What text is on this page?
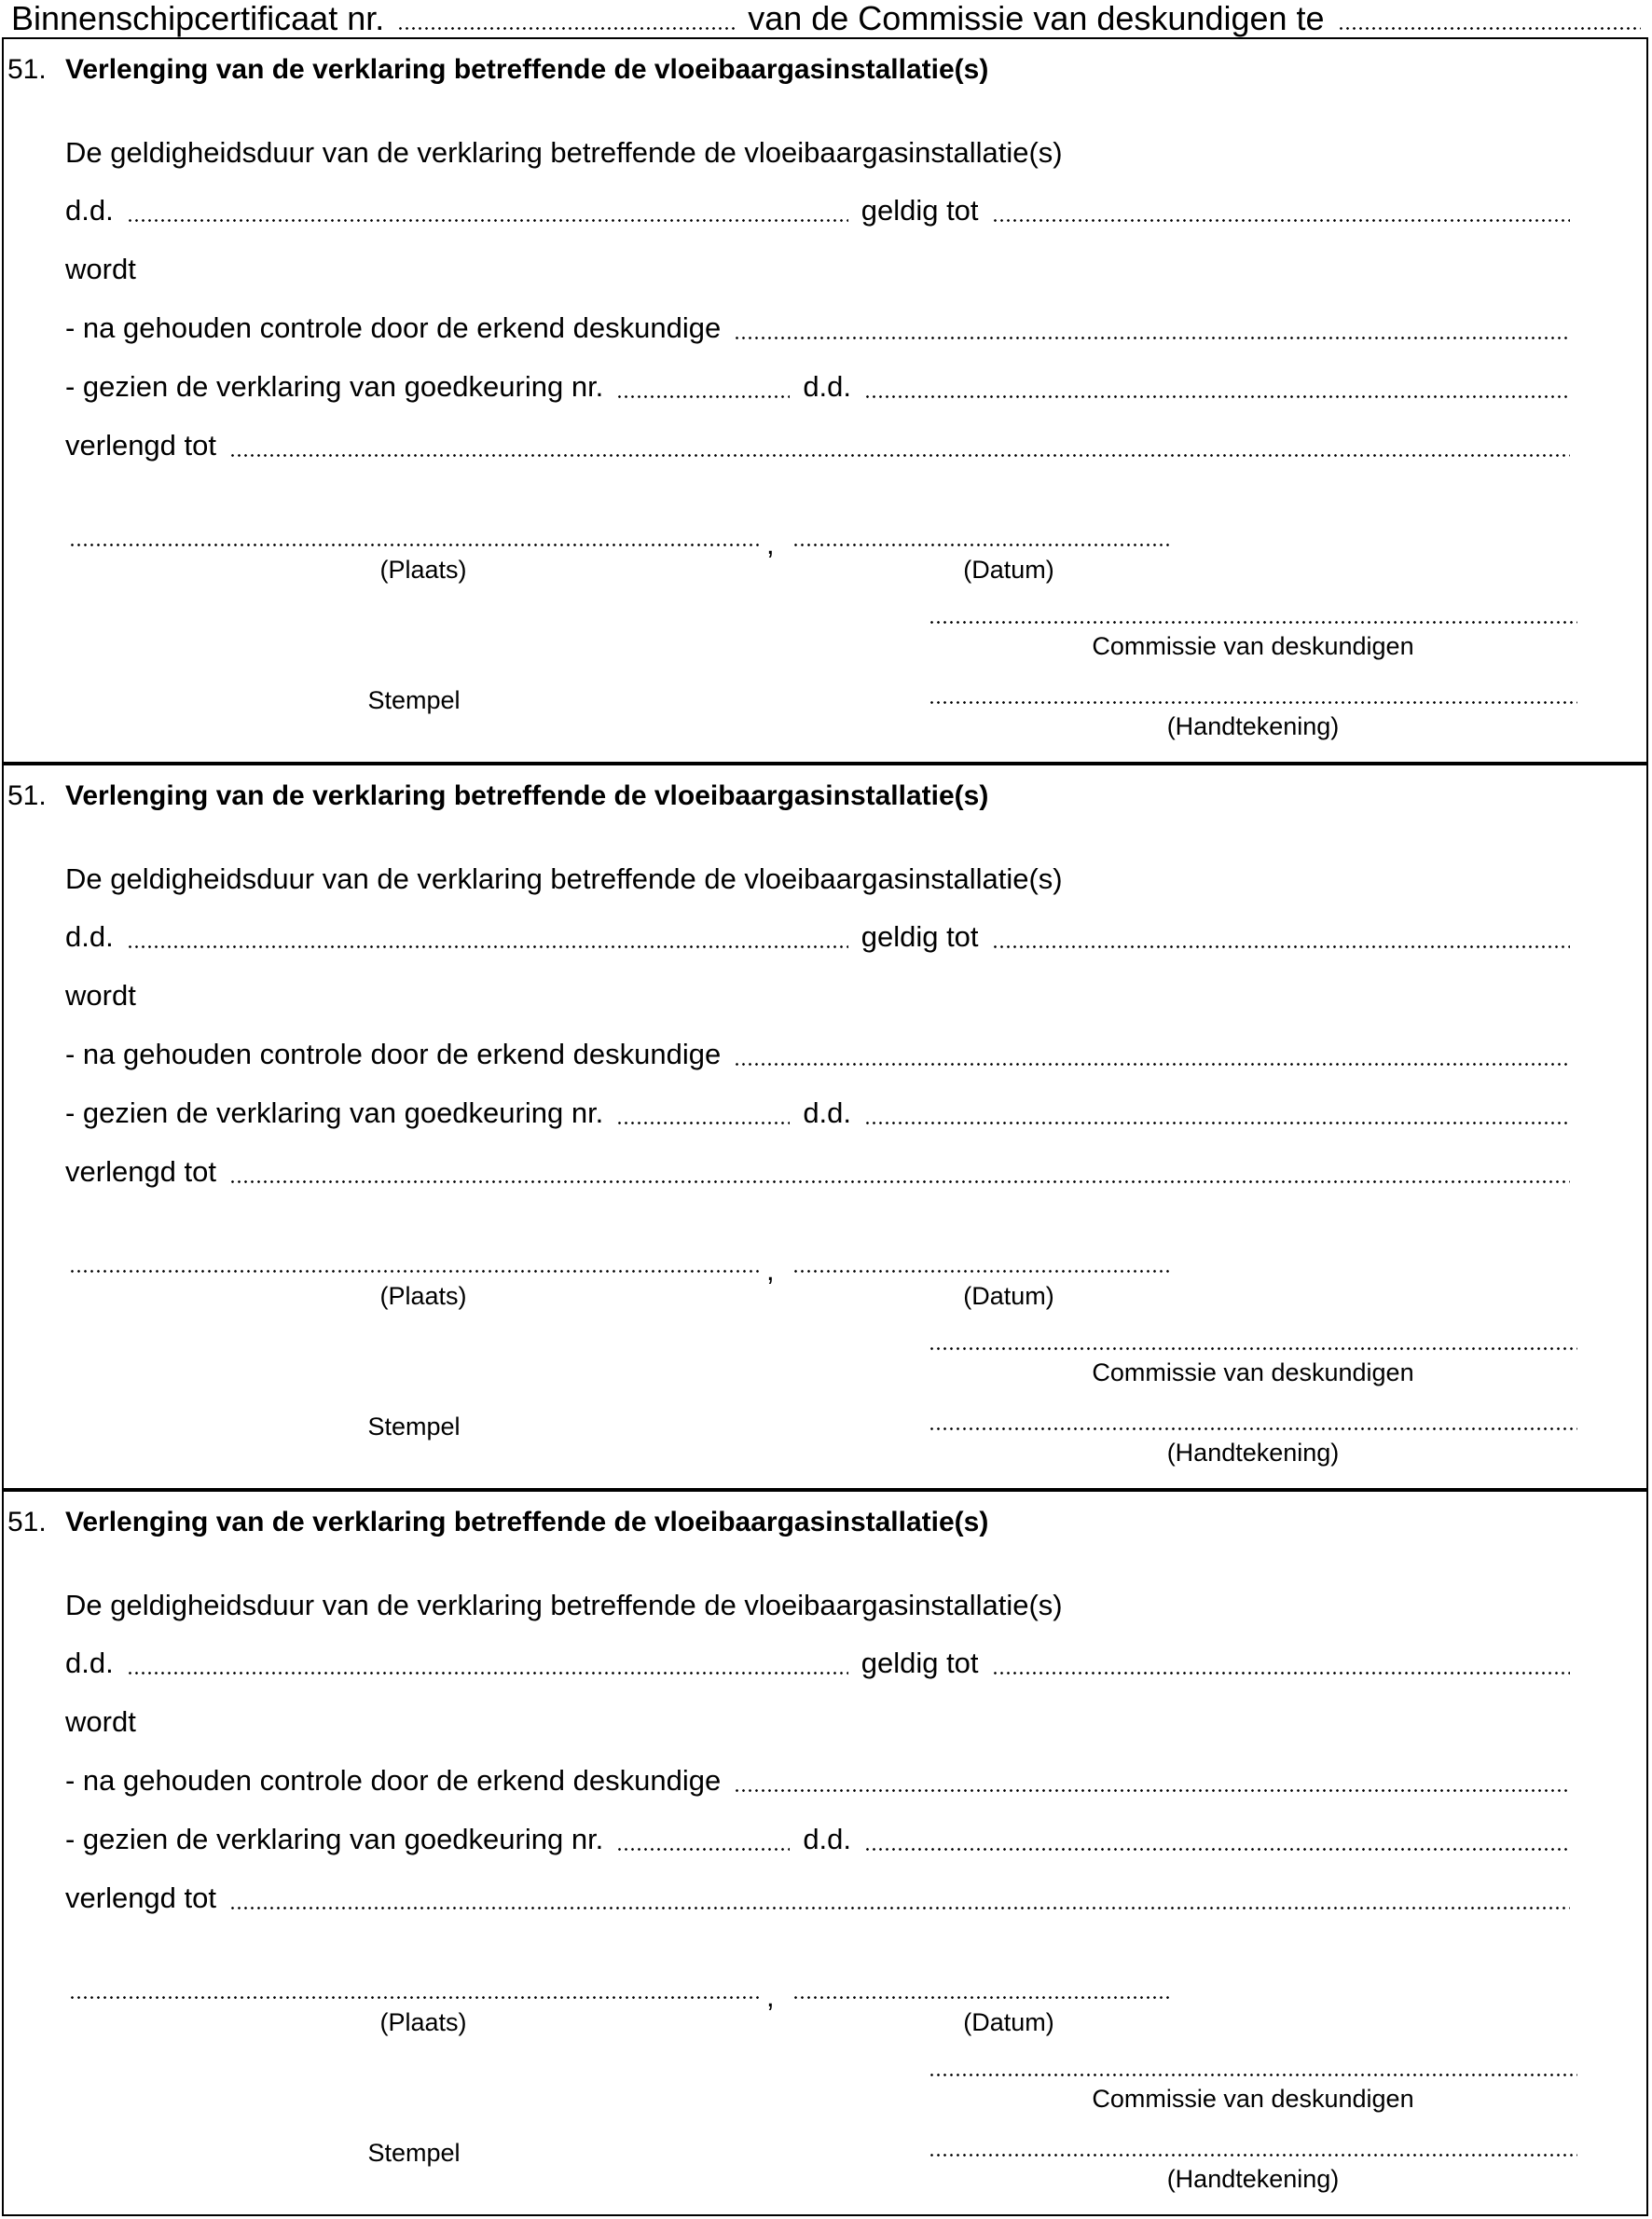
Binnenschipcertificaat nr.	van de Commissie van deskundigen te
51. Verlenging van de verklaring betreffende de vloeibaargasinstallatie(s)
De geldigheidsduur van de verklaring betreffende de vloeibaargasinstallatie(s)
d.d.	geldig tot
wordt
- na gehouden controle door de erkend deskundige
- gezien de verklaring van goedkeuring nr.	d.d.
verlengd tot
,
(Plaats)	(Datum)
Commissie van deskundigen
Stempel
(Handtekening)
51. Verlenging van de verklaring betreffende de vloeibaargasinstallatie(s)
De geldigheidsduur van de verklaring betreffende de vloeibaargasinstallatie(s)
d.d.	geldig tot
wordt
- na gehouden controle door de erkend deskundige
- gezien de verklaring van goedkeuring nr.	d.d.
verlengd tot
,
(Plaats)	(Datum)
Commissie van deskundigen
Stempel
(Handtekening)
51. Verlenging van de verklaring betreffende de vloeibaargasinstallatie(s)
De geldigheidsduur van de verklaring betreffende de vloeibaargasinstallatie(s)
d.d.	geldig tot
wordt
- na gehouden controle door de erkend deskundige
- gezien de verklaring van goedkeuring nr.	d.d.
verlengd tot
,
(Plaats)	(Datum)
Commissie van deskundigen
Stempel
(Handtekening)
